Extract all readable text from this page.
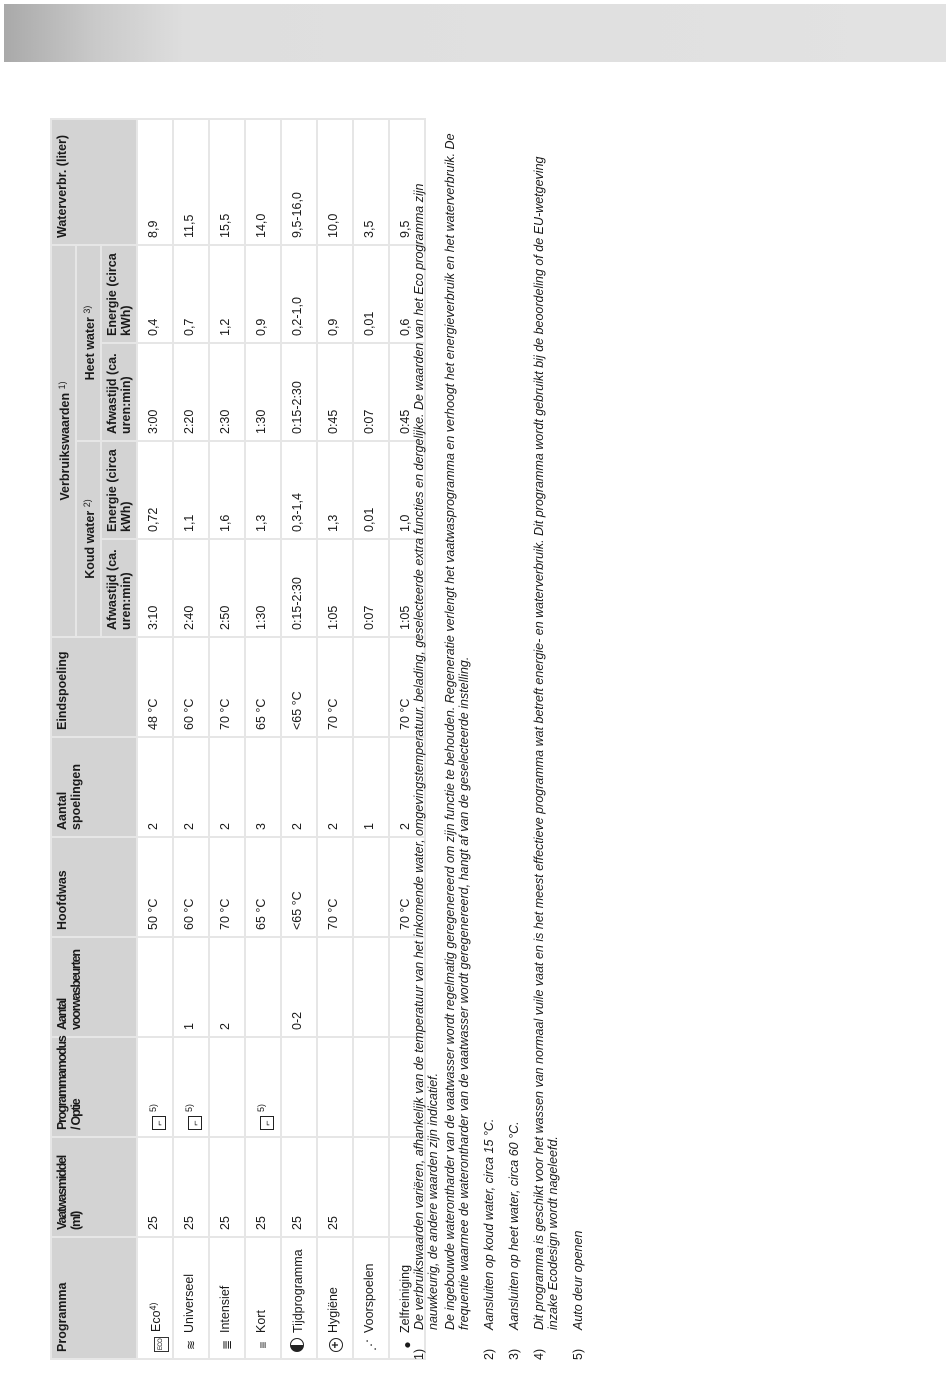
Programma	Vaatwasmiddel (ml)	Programmamodus / Optie	Aantal voorwasbeurten	Hoofdwas	Aantal spoelingen	Eindspoeling	Verbruikswaarden $^{1)}$				Waterverbr. (liter)
							Koud water $^{2)}$		Heet water $^{3)}$
							Afwastijd (ca. uren:min)	Energie (circa kWh)	Afwastijd (ca. uren:min)	Energie (circa kWh)	
ECOEco$^{4)}$	25	⌐$^{5)}$		50 °C	2	48 °C	3:10	0,72	3:00	0,4	8,9
≋Universeel	25	⌐$^{5)}$	1	60 °C	2	60 °C	2:40	1,1	2:20	0,7	11,5
≣Intensief	25		2	70 °C	2	70 °C	2:50	1,6	2:30	1,2	15,5
≡Kort	25	⌐$^{5)}$		65 °C	3	65 °C	1:30	1,3	1:30	0,9	14,0
Tijdprogramma	25		0-2	<65 °C	2	<65 °C	0:15-2:30	0,3-1,4	0:15-2:30	0,2-1,0	9,5-16,0
+Hygiëne	25			70 °C	2	70 °C	1:05	1,3	0:45	0,9	10,0
⋰Voorspoelen					1		0:07	0,01	0:07	0,01	3,5
●Zelfreiniging				70 °C	2	70 °C	1:05	1,0	0:45	0,6	9,5
1)

De verbruikswaarden variëren, afhankelijk van de temperatuur van het inkomende water, omgevingstemperatuur, belading, geselecteerde extra functies en dergelijke. De waarden van het Eco programma zijn nauwkeurig, de andere waarden zijn indicatief. De ingebouwde waterontharder van de vaatwasser wordt regelmatig geregenereerd om zijn functie te behouden. Regeneratie verlengt het vaatwasprogramma en verhoogt het energieverbruik en het waterverbruik. De frequentie waarmee de waterontharder van de vaatwasser wordt geregenereerd, hangt af van de geselecteerde instelling.

2)

Aansluiten op koud water, circa 15 °C.

3)

Aansluiten op heet water, circa 60 °C.

4)

Dit programma is geschikt voor het wassen van normaal vuile vaat en is het meest effectieve programma wat betreft energie- en waterverbruik. Dit programma wordt gebruikt bij de beoordeling of de EU-wetgeving inzake Ecodesign wordt nageleefd.

5)

Auto deur openen
